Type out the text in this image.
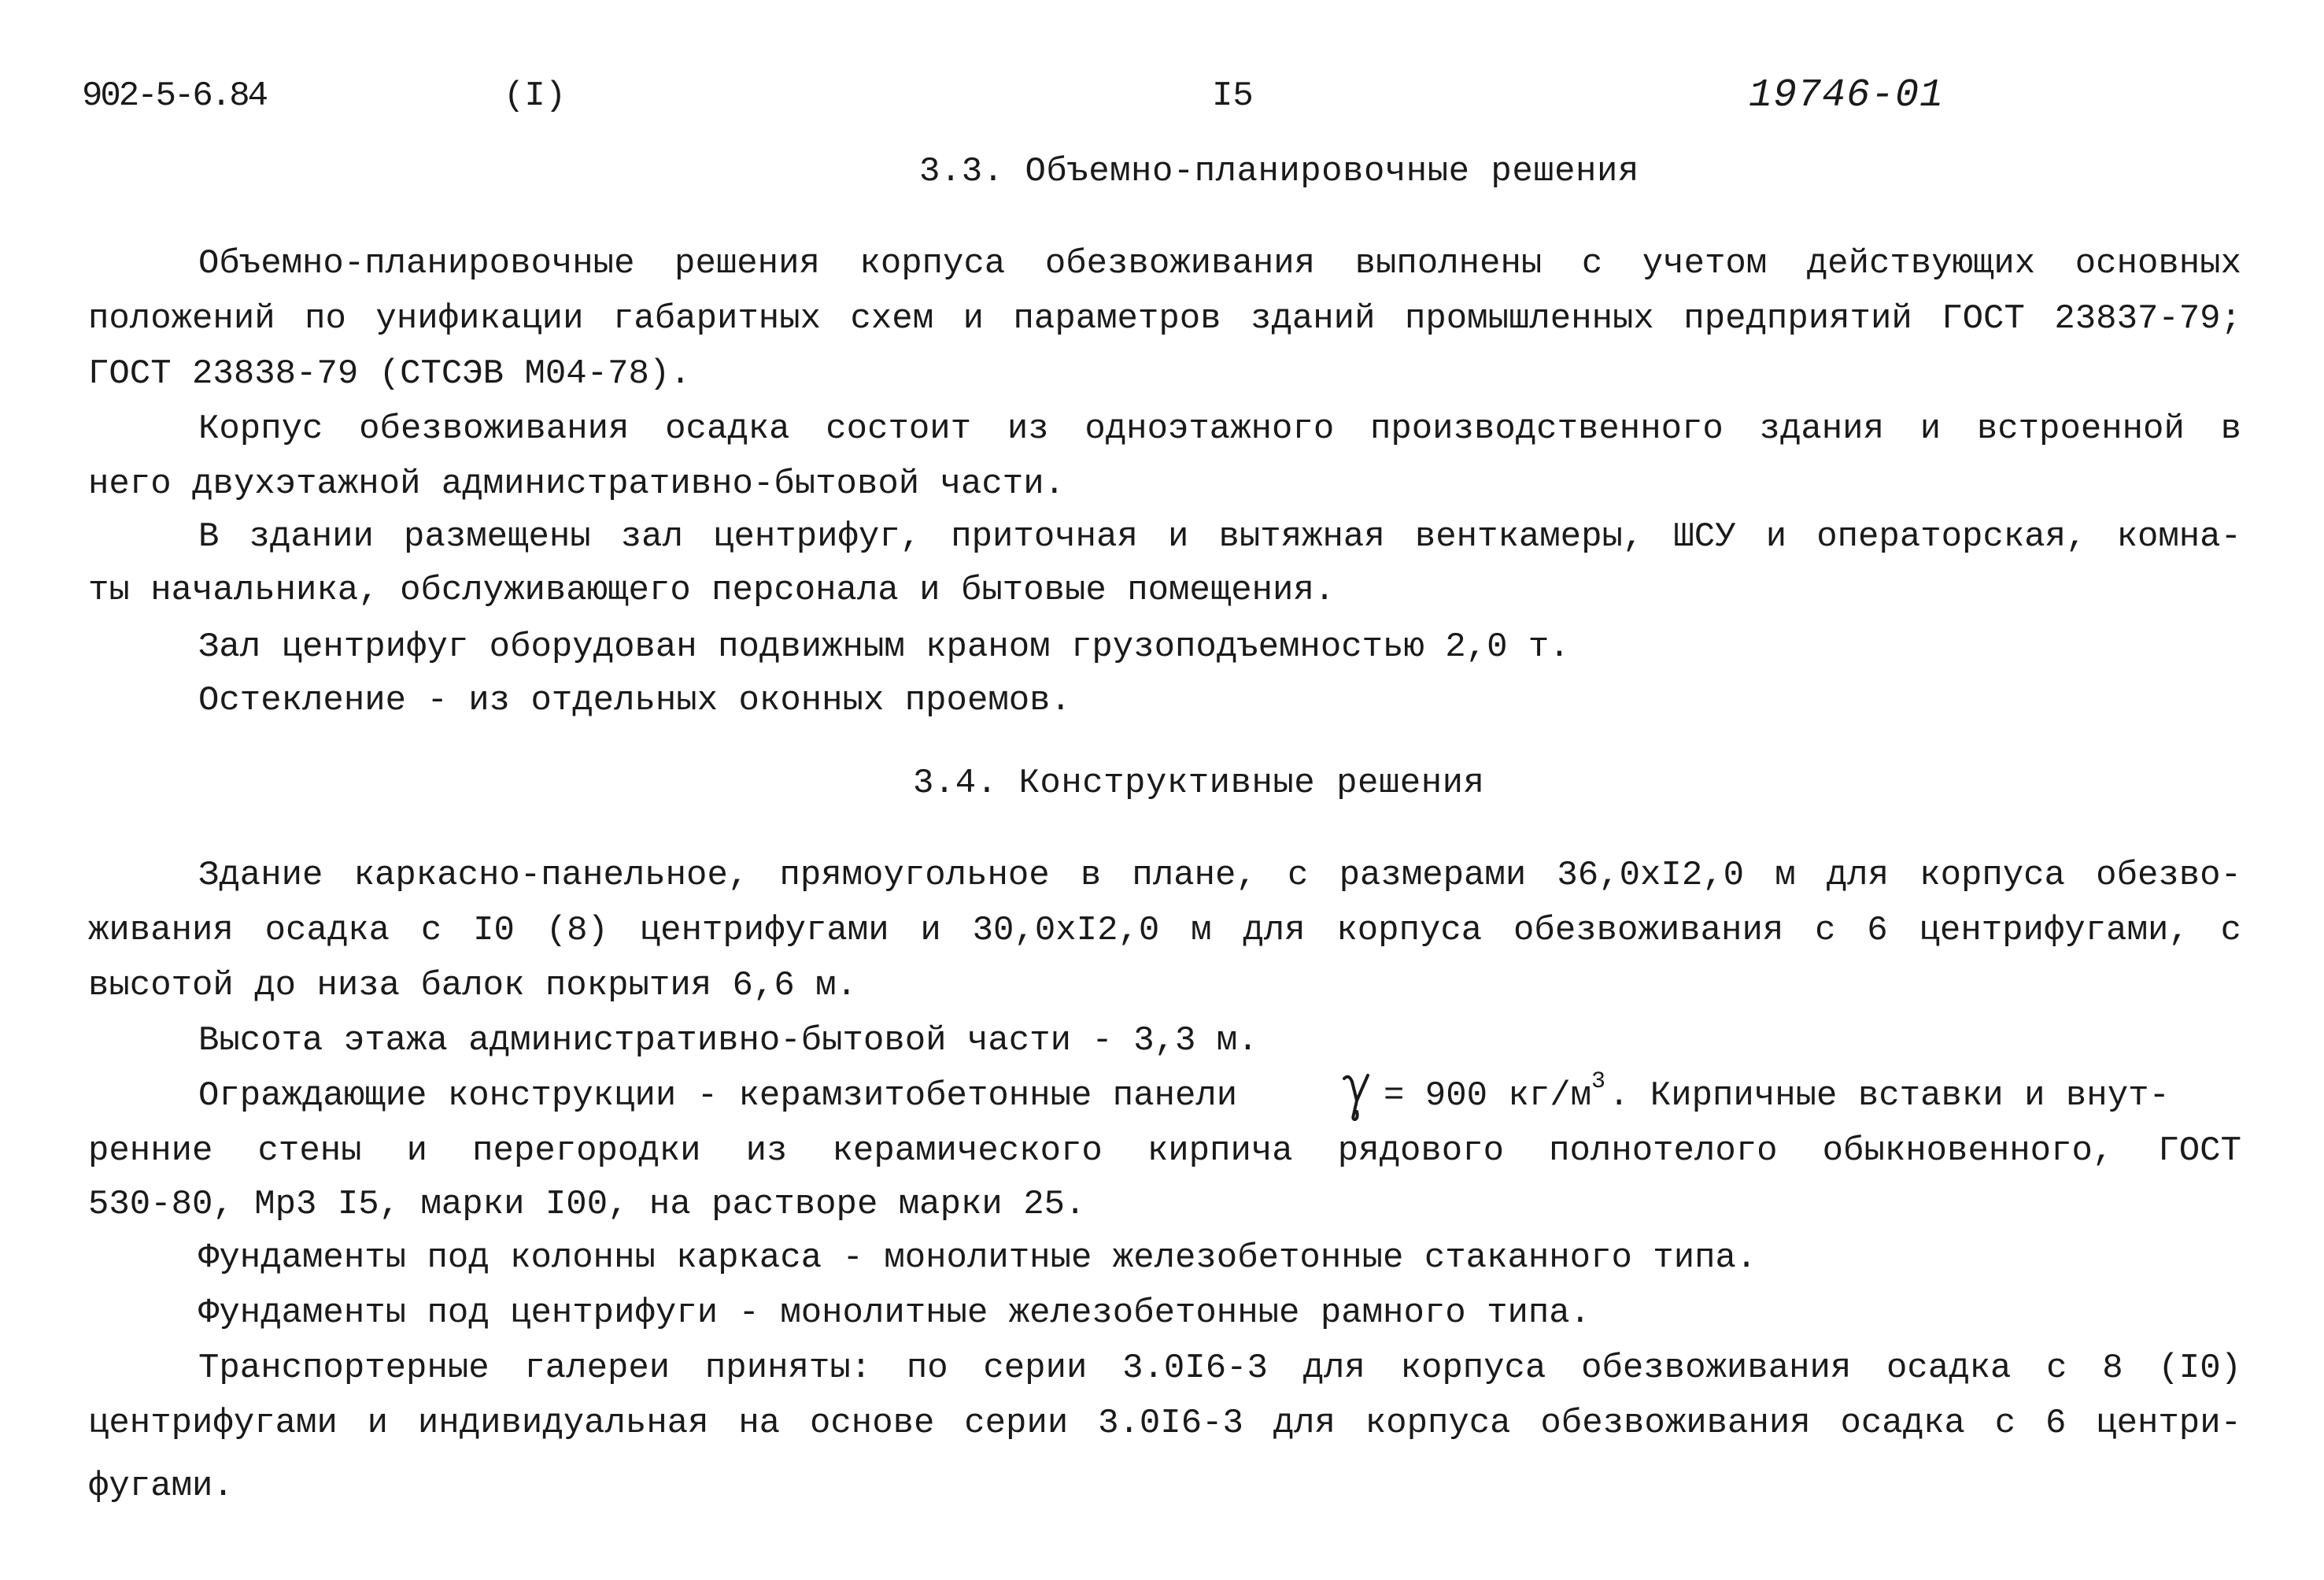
902-5-6.84	(I)	I5	19746-01
3.3. Объемно-планировочные решения
Объемно-планировочные решения корпуса обезвоживания выполнены с учетом действующих основных
положений по унификации габаритных схем и параметров зданий промышленных предприятий ГОСТ 23837-79;
ГОСТ 23838-79 (СТСЭВ М04-78).
Корпус обезвоживания осадка состоит из одноэтажного производственного здания и встроенной в
него двухэтажной административно-бытовой части.
В здании размещены зал центрифуг, приточная и вытяжная венткамеры, ШСУ и операторская, комна-
ты начальника, обслуживающего персонала и бытовые помещения.
Зал центрифуг оборудован подвижным краном грузоподъемностью 2,0 т.
Остекление - из отдельных оконных проемов.
3.4. Конструктивные решения
Здание каркасно-панельное, прямоугольное в плане, с размерами 36,0хI2,0 м для корпуса обезво-
живания осадка с I0 (8) центрифугами и 30,0хI2,0 м для корпуса обезвоживания с 6 центрифугами, с
высотой до низа балок покрытия 6,6 м.
Высота этажа административно-бытовой части - 3,3 м.
Ограждающие конструкции - керамзитобетонные панели	= 900 кг/м 3 . Кирпичные вставки и внут-
ренние стены и перегородки из керамического кирпича рядового полнотелого обыкновенного, ГОСТ
530-80, Мр3 I5, марки I00, на растворе марки 25.
Фундаменты под колонны каркаса - монолитные железобетонные стаканного типа.
Фундаменты под центрифуги - монолитные железобетонные рамного типа.
Транспортерные галереи приняты: по серии 3.0I6-3 для корпуса обезвоживания осадка с 8 (I0)
центрифугами и индивидуальная на основе серии 3.0I6-3 для корпуса обезвоживания осадка с 6 центри-
фугами.
